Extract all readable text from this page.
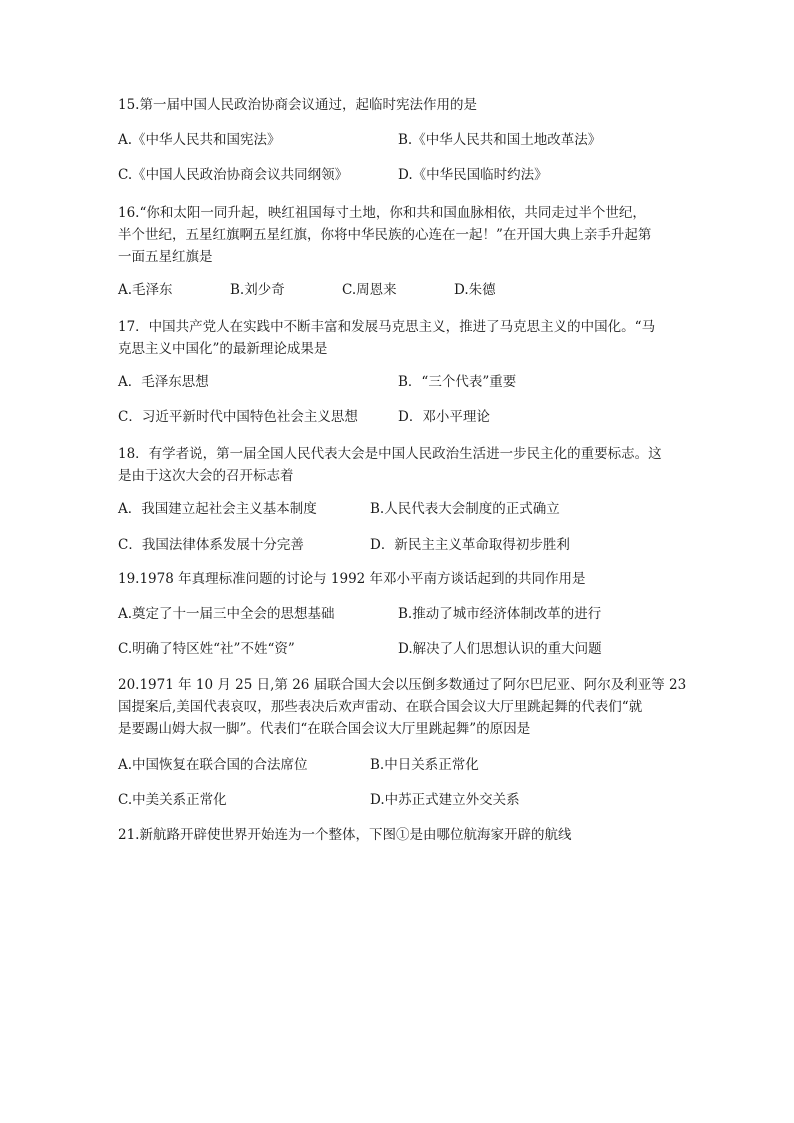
15.第一届中国人民政治协商会议通过，起临时宪法作用的是
A.《中华人民共和国宪法》	B.《中华人民共和国土地改革法》
C.《中国人民政治协商会议共同纲领》	D.《中华民国临时约法》
16.“你和太阳一同升起，映红祖国每寸土地，你和共和国血脉相依，共同走过半个世纪，
半个世纪，五星红旗啊五星红旗，你将中华民族的心连在一起！”在开国大典上亲手升起第
一面五星红旗是
A.毛泽东	B.刘少奇	C.周恩来	D.朱德
17．中国共产党人在实践中不断丰富和发展马克思主义，推进了马克思主义的中国化。“马
克思主义中国化”的最新理论成果是
A．毛泽东思想	B．“三个代表”重要
C．习近平新时代中国特色社会主义思想	D．邓小平理论
18．有学者说，第一届全国人民代表大会是中国人民政治生活进一步民主化的重要标志。这
是由于这次大会的召开标志着
A．我国建立起社会主义基本制度	B.人民代表大会制度的正式确立
C．我国法律体系发展十分完善	D．新民主主义革命取得初步胜利
19.1978 年真理标准问题的讨论与 1992 年邓小平南方谈话起到的共同作用是
A.奠定了十一届三中全会的思想基础	B.推动了城市经济体制改革的进行
C.明确了特区姓“社”不姓“资”	D.解决了人们思想认识的重大问题
20.1971 年 10 月 25 日,第 26 届联合国大会以压倒多数通过了阿尔巴尼亚、阿尔及利亚等 23
国提案后,美国代表哀叹，那些表决后欢声雷动、在联合国会议大厅里跳起舞的代表们“就
是要踢山姆大叔一脚”。代表们“在联合国会议大厅里跳起舞”的原因是
A.中国恢复在联合国的合法席位	B.中日关系正常化
C.中美关系正常化	D.中苏正式建立外交关系
21.新航路开辟使世界开始连为一个整体，下图①是由哪位航海家开辟的航线
